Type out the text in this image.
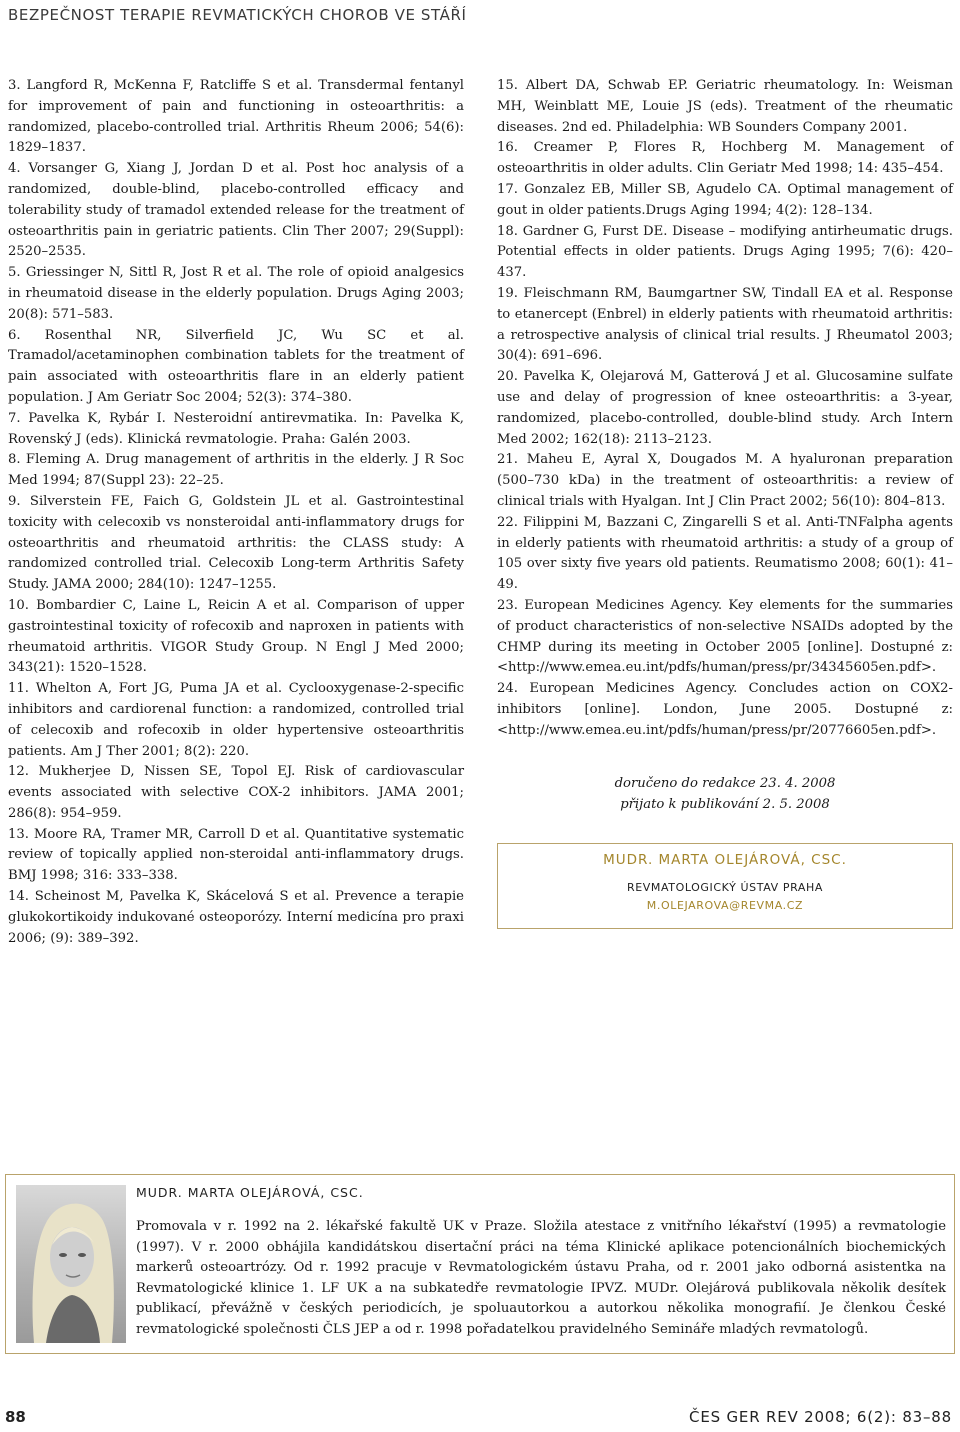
BEZPEČNOST TERAPIE REVMATICKÝCH CHOROB VE STÁŘÍ

3. Langford R, McKenna F, Ratcliffe S et al. Transdermal fentanyl for improvement of pain and functioning in osteoarthritis: a randomized, placebo-controlled trial. Arthritis Rheum 2006; 54(6): 1829–1837.

4. Vorsanger G, Xiang J, Jordan D et al. Post hoc analysis of a randomized, double-blind, placebo-controlled efficacy and tolerability study of tramadol extended release for the treatment of osteoarthritis pain in geriatric patients. Clin Ther 2007; 29(Suppl): 2520–2535.

5. Griessinger N, Sittl R, Jost R et al. The role of opioid analgesics in rheumatoid disease in the elderly population. Drugs Aging 2003; 20(8): 571–583.

6. Rosenthal NR, Silverfield JC, Wu SC et al. Tramadol/acetaminophen combination tablets for the treatment of pain associated with osteoarthritis flare in an elderly patient population. J Am Geriatr Soc 2004; 52(3): 374–380.

7. Pavelka K, Rybár I. Nesteroidní antirevmatika. In: Pavelka K, Rovenský J (eds). Klinická revmatologie. Praha: Galén 2003.

8. Fleming A. Drug management of arthritis in the elderly. J R Soc Med 1994; 87(Suppl 23): 22–25.

9. Silverstein FE, Faich G, Goldstein JL et al. Gastrointestinal toxicity with celecoxib vs nonsteroidal anti-inflammatory drugs for osteoarthritis and rheumatoid arthritis: the CLASS study: A randomized controlled trial. Celecoxib Long-term Arthritis Safety Study. JAMA 2000; 284(10): 1247–1255.

10. Bombardier C, Laine L, Reicin A et al. Comparison of upper gastrointestinal toxicity of rofecoxib and naproxen in patients with rheumatoid arthritis. VIGOR Study Group. N Engl J Med 2000; 343(21): 1520–1528.

11. Whelton A, Fort JG, Puma JA et al. Cyclooxygenase-2-specific inhibitors and cardiorenal function: a randomized, controlled trial of celecoxib and rofecoxib in older hypertensive osteoarthritis patients. Am J Ther 2001; 8(2): 220.

12. Mukherjee D, Nissen SE, Topol EJ. Risk of cardiovascular events associated with selective COX-2 inhibitors. JAMA 2001; 286(8): 954–959.

13. Moore RA, Tramer MR, Carroll D et al. Quantitative systematic review of topically applied non-steroidal anti-inflammatory drugs. BMJ 1998; 316: 333–338.

14. Scheinost M, Pavelka K, Skácelová S et al. Prevence a terapie glukokortikoidy indukované osteoporózy. Interní medicína pro praxi 2006; (9): 389–392.

15. Albert DA, Schwab EP. Geriatric rheumatology. In: Weisman MH, Weinblatt ME, Louie JS (eds). Treatment of the rheumatic diseases. 2nd ed. Philadelphia: WB Sounders Company 2001.

16. Creamer P, Flores R, Hochberg M. Management of osteoarthritis in older adults. Clin Geriatr Med 1998; 14: 435–454.

17. Gonzalez EB, Miller SB, Agudelo CA. Optimal management of gout in older patients.Drugs Aging 1994; 4(2): 128–134.

18. Gardner G, Furst DE. Disease – modifying antirheumatic drugs. Potential effects in older patients. Drugs Aging 1995; 7(6): 420–437.

19. Fleischmann RM, Baumgartner SW, Tindall EA et al. Response to etanercept (Enbrel) in elderly patients with rheumatoid arthritis: a retrospective analysis of clinical trial results. J Rheumatol 2003; 30(4): 691–696.

20. Pavelka K, Olejarová M, Gatterová J et al. Glucosamine sulfate use and delay of progression of knee osteoarthritis: a 3-year, randomized, placebo-controlled, double-blind study. Arch Intern Med 2002; 162(18): 2113–2123.

21. Maheu E, Ayral X, Dougados M. A hyaluronan preparation (500–730 kDa) in the treatment of osteoarthritis: a review of clinical trials with Hyalgan. Int J Clin Pract 2002; 56(10): 804–813.

22. Filippini M, Bazzani C, Zingarelli S et al. Anti-TNFalpha agents in elderly patients with rheumatoid arthritis: a study of a group of 105 over sixty five years old patients. Reumatismo 2008; 60(1): 41–49.

23. European Medicines Agency. Key elements for the summaries of product characteristics of non-selective NSAIDs adopted by the CHMP during its meeting in October 2005 [online]. Dostupné z: <http://www.emea.eu.int/pdfs/human/press/pr/34345605en.pdf>.

24. European Medicines Agency. Concludes action on COX2-inhibitors [online]. London, June 2005. Dostupné z: <http://www.emea.eu.int/pdfs/human/press/pr/20776605en.pdf>.

doručeno do redakce 23. 4. 2008
přijato k publikování 2. 5. 2008
MUDR. MARTA OLEJÁROVÁ, CSC.
REVMATOLOGICKÝ ÚSTAV PRAHA
M.OLEJAROVA@REVMA.CZ
MUDR. MARTA OLEJÁROVÁ, CSC.
Promovala v r. 1992 na 2. lékařské fakultě UK v Praze. Složila atestace z vnitřního lékařství (1995) a revmatologie (1997). V r. 2000 obhájila kandidátskou disertační práci na téma Klinické aplikace potencionálních biochemických markerů osteoartrózy. Od r. 1992 pracuje v Revmatologickém ústavu Praha, od r. 2001 jako odborná asistentka na Revmatologické klinice 1. LF UK a na subkatedře revmatologie IPVZ. MUDr. Olejárová publikovala několik desítek publikací, převážně v českých periodicích, je spoluautorkou a autorkou několika monografií. Je členkou České revmatologické společnosti ČLS JEP a od r. 1998 pořadatelkou pravidelného Semináře mladých revmatologů.
88	ČES GER REV 2008; 6(2): 83–88
